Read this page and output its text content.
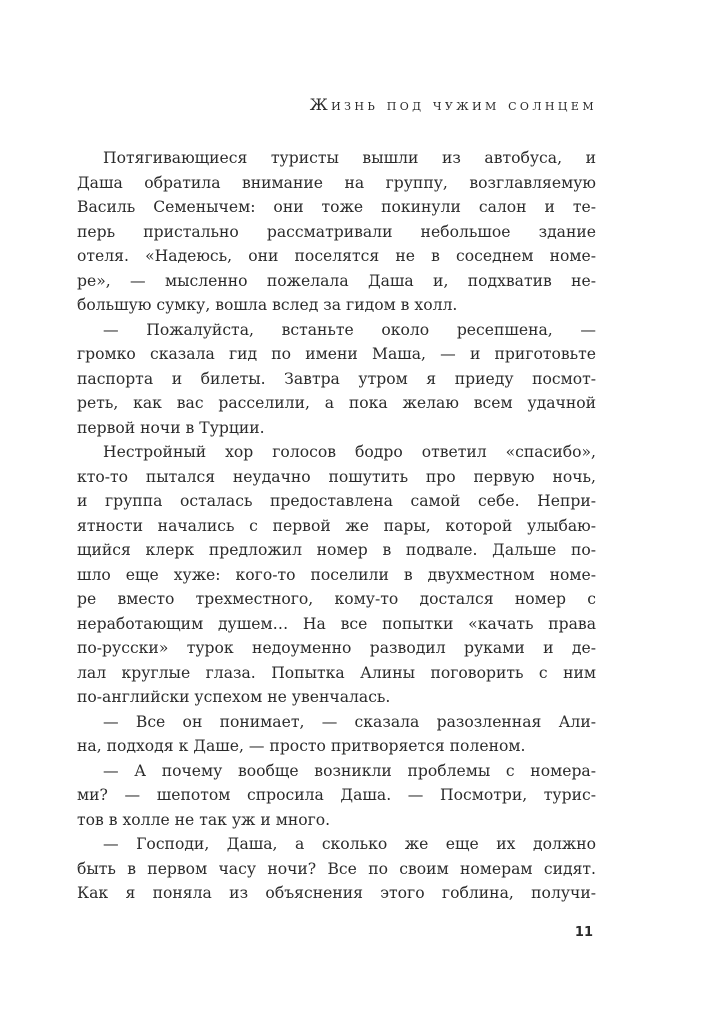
Жизнь под чужим солнцем
Потягивающиеся туристы вышли из автобуса, и
Даша обратила внимание на группу, возглавляемую
Василь Семенычем: они тоже покинули салон и те-
перь пристально рассматривали небольшое здание
отеля. «Надеюсь, они поселятся не в соседнем номе-
ре», — мысленно пожелала Даша и, подхватив не-
большую сумку, вошла вслед за гидом в холл.
— Пожалуйста, встаньте около ресепшена, —
громко сказала гид по имени Маша, — и приготовьте
паспорта и билеты. Завтра утром я приеду посмот-
реть, как вас расселили, а пока желаю всем удачной
первой ночи в Турции.
Нестройный хор голосов бодро ответил «спасибо»,
кто-то пытался неудачно пошутить про первую ночь,
и группа осталась предоставлена самой себе. Непри-
ятности начались с первой же пары, которой улыбаю-
щийся клерк предложил номер в подвале. Дальше по-
шло еще хуже: кого-то поселили в двухместном номе-
ре вместо трехместного, кому-то достался номер с
неработающим душем… На все попытки «качать права
по-русски» турок недоуменно разводил руками и де-
лал круглые глаза. Попытка Алины поговорить с ним
по-английски успехом не увенчалась.
— Все он понимает, — сказала разозленная Али-
на, подходя к Даше, — просто притворяется поленом.
— А почему вообще возникли проблемы с номера-
ми? — шепотом спросила Даша. — Посмотри, турис-
тов в холле не так уж и много.
— Господи, Даша, а сколько же еще их должно
быть в первом часу ночи? Все по своим номерам сидят.
Как я поняла из объяснения этого гоблина, получи-
11
